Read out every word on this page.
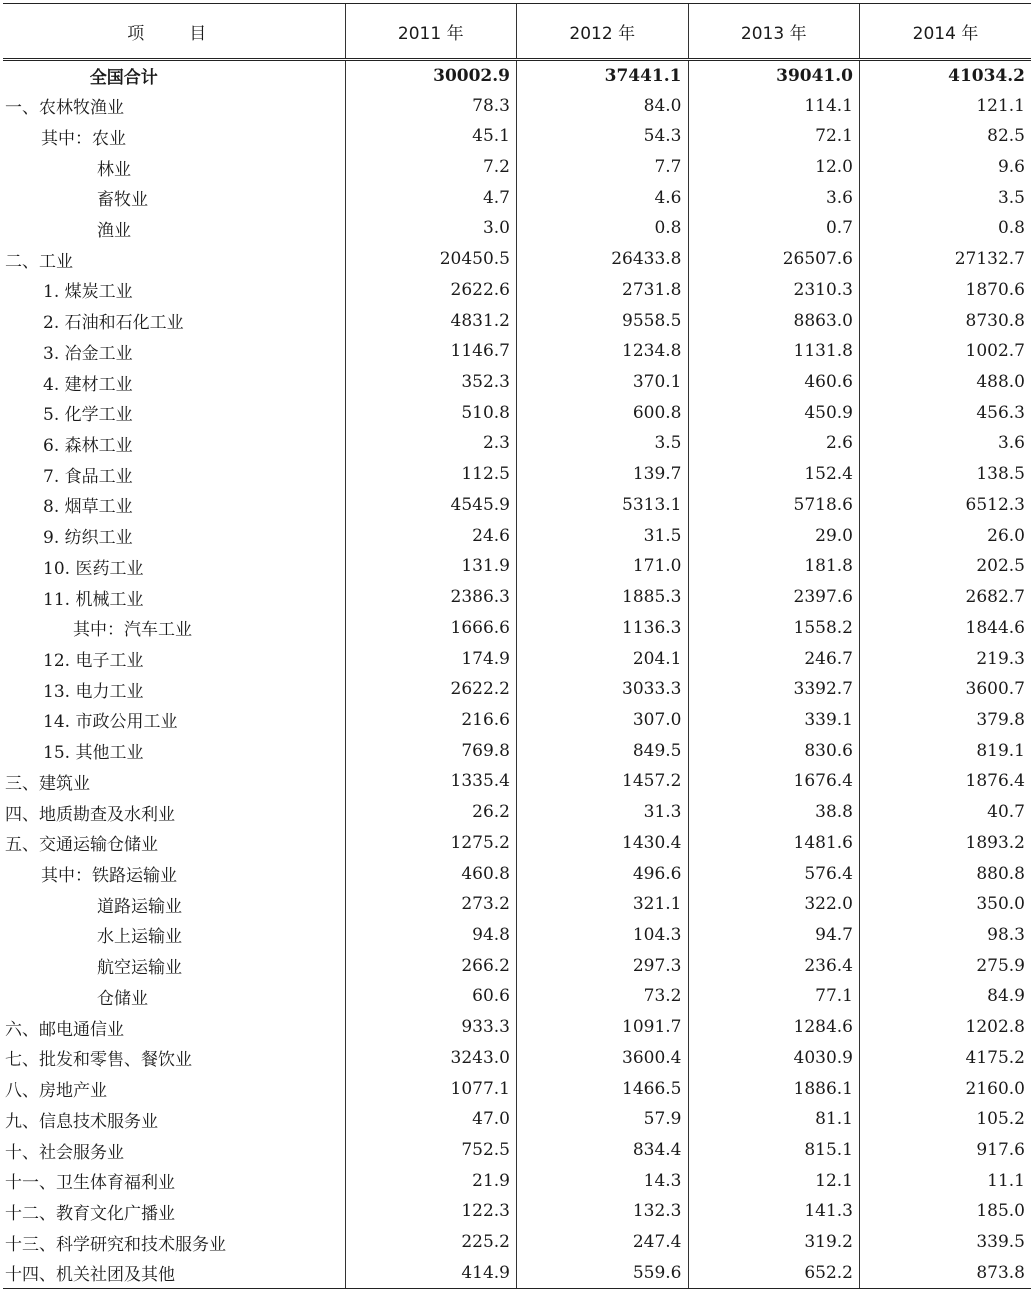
项　目	2011 年	2012 年	2013 年	2014 年
全国合计	30002.9	37441.1	39041.0	41034.2
一、农林牧渔业	78.3	84.0	114.1	121.1
其中：农业	45.1	54.3	72.1	82.5
林业	7.2	7.7	12.0	9.6
畜牧业	4.7	4.6	3.6	3.5
渔业	3.0	0.8	0.7	0.8
二、工业	20450.5	26433.8	26507.6	27132.7
1. 煤炭工业	2622.6	2731.8	2310.3	1870.6
2. 石油和石化工业	4831.2	9558.5	8863.0	8730.8
3. 冶金工业	1146.7	1234.8	1131.8	1002.7
4. 建材工业	352.3	370.1	460.6	488.0
5. 化学工业	510.8	600.8	450.9	456.3
6. 森林工业	2.3	3.5	2.6	3.6
7. 食品工业	112.5	139.7	152.4	138.5
8. 烟草工业	4545.9	5313.1	5718.6	6512.3
9. 纺织工业	24.6	31.5	29.0	26.0
10. 医药工业	131.9	171.0	181.8	202.5
11. 机械工业	2386.3	1885.3	2397.6	2682.7
其中：汽车工业	1666.6	1136.3	1558.2	1844.6
12. 电子工业	174.9	204.1	246.7	219.3
13. 电力工业	2622.2	3033.3	3392.7	3600.7
14. 市政公用工业	216.6	307.0	339.1	379.8
15. 其他工业	769.8	849.5	830.6	819.1
三、建筑业	1335.4	1457.2	1676.4	1876.4
四、地质勘查及水利业	26.2	31.3	38.8	40.7
五、交通运输仓储业	1275.2	1430.4	1481.6	1893.2
其中：铁路运输业	460.8	496.6	576.4	880.8
道路运输业	273.2	321.1	322.0	350.0
水上运输业	94.8	104.3	94.7	98.3
航空运输业	266.2	297.3	236.4	275.9
仓储业	60.6	73.2	77.1	84.9
六、邮电通信业	933.3	1091.7	1284.6	1202.8
七、批发和零售、餐饮业	3243.0	3600.4	4030.9	4175.2
八、房地产业	1077.1	1466.5	1886.1	2160.0
九、信息技术服务业	47.0	57.9	81.1	105.2
十、社会服务业	752.5	834.4	815.1	917.6
十一、卫生体育福利业	21.9	14.3	12.1	11.1
十二、教育文化广播业	122.3	132.3	141.3	185.0
十三、科学研究和技术服务业	225.2	247.4	319.2	339.5
十四、机关社团及其他	414.9	559.6	652.2	873.8
